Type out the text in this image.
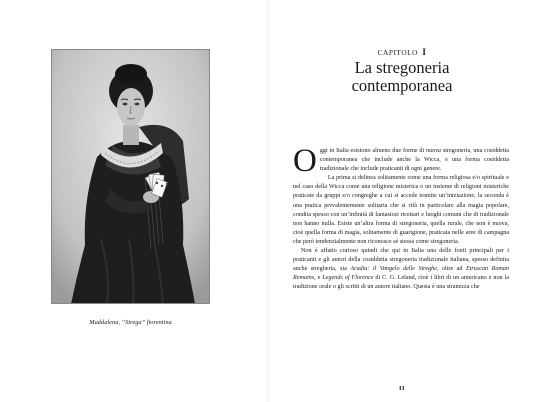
Maddalena, “Strega” fiorentina
CAPITOLO I
La stregoneria
contemporanea

Oggi in Italia esistono almeno due forme di nuova stregoneria, una cosiddetta contemporanea che include anche la Wicca, e una forma cosiddetta tradizionale che include praticanti di ogni genere.

La prima si delinea solitamente come una forma religiosa e/o spirituale e nel caso della Wicca come una religione misterica o un insieme di religioni misteriche praticate da gruppi e/o congreghe a cui si accede tramite un’iniziazione, la seconda è una pratica prevalentemente solitaria che si rifà in particolare alla magia popolare, condita spesso con un’infinità di fantasiosi ricettari e luoghi comuni che di tradizionale non hanno nulla. Esiste un’altra forma di stregoneria, quella rurale, che non è nuova, cioè quella forma di magia, solitamente di guarigione, praticata nelle aree di campagna che però tendenzialmente non riconosce sé stessa come stregoneria.

Non è affatto curioso quindi che qui in Italia una delle fonti principali per i praticanti e gli autori della cosiddetta stregoneria tradizionale italiana, spesso definita anche stregheria, sia Aradia: il Vangelo delle Streghe, oltre ad Etruscan Roman Remains, e Legends of Florence di C. G. Leland, cioè i libri di un americano e non la tradizione orale o gli scritti di un autore italiano. Questa è una stranezza che

II
